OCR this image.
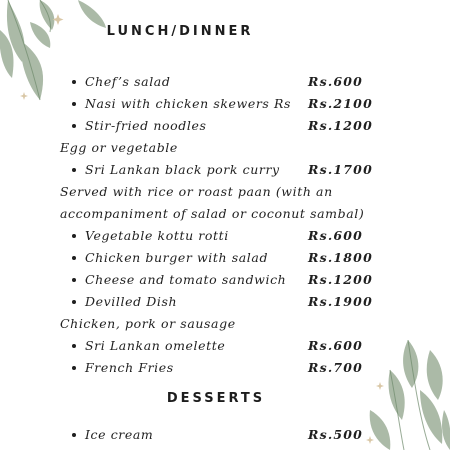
LUNCH/DINNER
Chef’s salad	Rs.600
Nasi with chicken skewers Rs Rs.2100
Stir-fried noodles	Rs.1200
Egg or vegetable
Sri Lankan black pork curry Rs.1700
Served with rice or roast paan (with an
accompaniment of salad or coconut sambal)
Vegetable kottu rotti	Rs.600
Chicken burger with salad	Rs.1800
Cheese and tomato sandwich Rs.1200
Devilled Dish	Rs.1900
Chicken, pork or sausage
Sri Lankan omelette	Rs.600
French Fries	Rs.700
DESSERTS
Ice cream	Rs.500
